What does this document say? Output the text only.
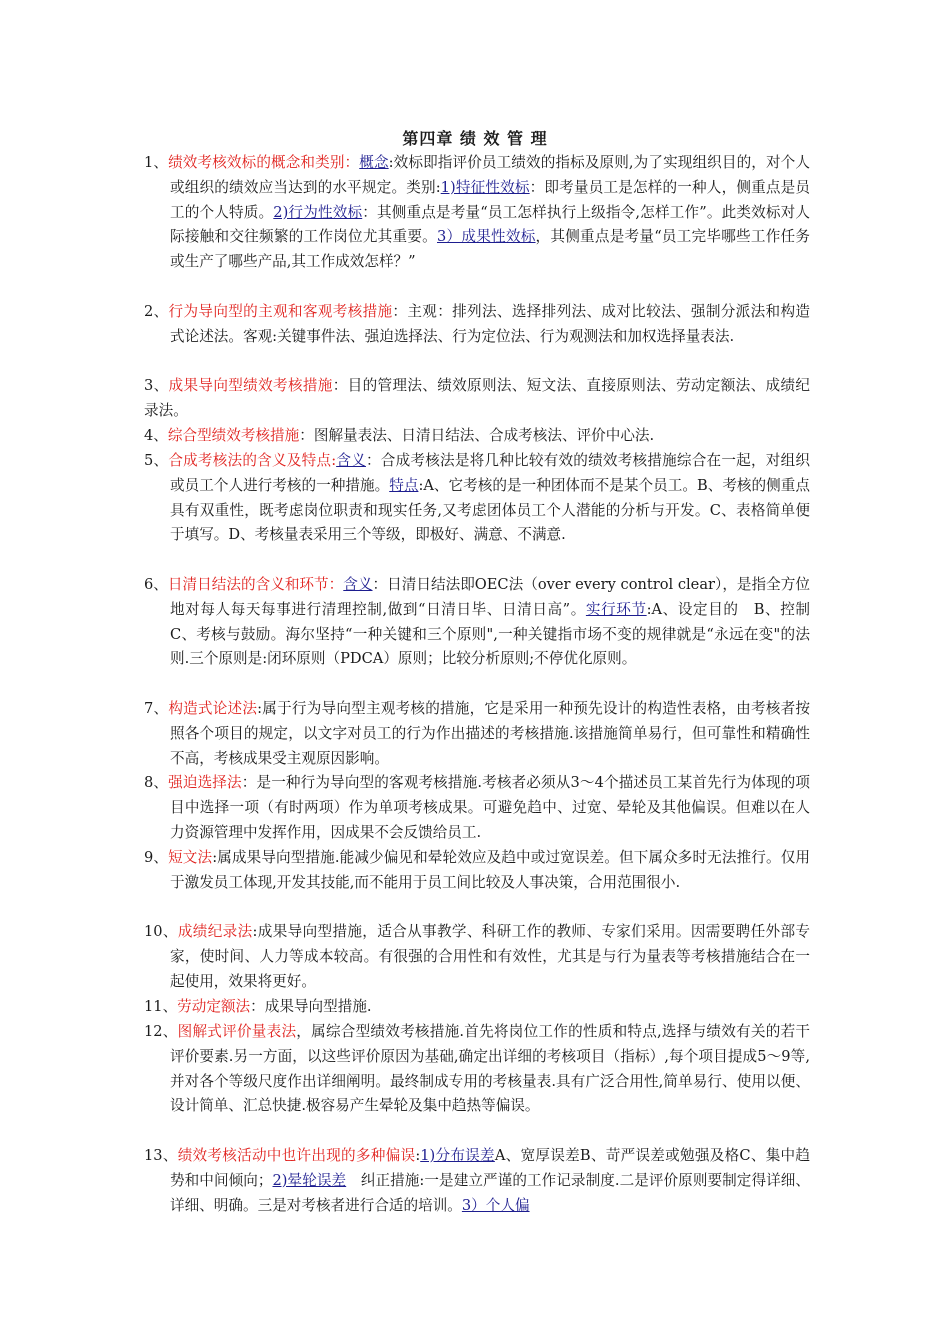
第四章 绩 效 管 理
1、绩效考核效标的概念和类别：概念:效标即指评价员工绩效的指标及原则,为了实现组织目的，对个人或组织的绩效应当达到的水平规定。类别:1)特征性效标：即考量员工是怎样的一种人，侧重点是员工的个人特质。2)行为性效标：其侧重点是考量“员工怎样执行上级指令,怎样工作”。此类效标对人际接触和交往频繁的工作岗位尤其重要。3）成果性效标，其侧重点是考量“员工完毕哪些工作任务或生产了哪些产品,其工作成效怎样？”
2、行为导向型的主观和客观考核措施：主观：排列法、选择排列法、成对比较法、强制分派法和构造式论述法。客观:关键事件法、强迫选择法、行为定位法、行为观测法和加权选择量表法.
3、成果导向型绩效考核措施：目的管理法、绩效原则法、短文法、直接原则法、劳动定额法、成绩纪录法。
4、综合型绩效考核措施：图解量表法、日清日结法、合成考核法、评价中心法.
5、合成考核法的含义及特点:含义：合成考核法是将几种比较有效的绩效考核措施综合在一起，对组织或员工个人进行考核的一种措施。特点:A、它考核的是一种团体而不是某个员工。B、考核的侧重点具有双重性，既考虑岗位职责和现实任务,又考虑团体员工个人潜能的分析与开发。C、表格简单便于填写。D、考核量表采用三个等级，即极好、满意、不满意.
6、日清日结法的含义和环节：含义：日清日结法即OEC法（over every control clear），是指全方位地对每人每天每事进行清理控制,做到“日清日毕、日清日高”。实行环节:A、设定目的　B、控制　C、考核与鼓励。海尔坚持“一种关键和三个原则",一种关键指市场不变的规律就是“永远在变"的法则.三个原则是:闭环原则（PDCA）原则；比较分析原则;不停优化原则。
7、构造式论述法:属于行为导向型主观考核的措施，它是采用一种预先设计的构造性表格，由考核者按照各个项目的规定，以文字对员工的行为作出描述的考核措施.该措施简单易行，但可靠性和精确性不高，考核成果受主观原因影响。
8、强迫选择法：是一种行为导向型的客观考核措施.考核者必须从3～4个描述员工某首先行为体现的项目中选择一项（有时两项）作为单项考核成果。可避免趋中、过宽、晕轮及其他偏误。但难以在人力资源管理中发挥作用，因成果不会反馈给员工.
9、短文法:属成果导向型措施.能减少偏见和晕轮效应及趋中或过宽误差。但下属众多时无法推行。仅用于激发员工体现,开发其技能,而不能用于员工间比较及人事决策，合用范围很小.
10、成绩纪录法:成果导向型措施，适合从事教学、科研工作的教师、专家们采用。因需要聘任外部专家，使时间、人力等成本较高。有很强的合用性和有效性，尤其是与行为量表等考核措施结合在一起使用，效果将更好。
11、劳动定额法：成果导向型措施.
12、图解式评价量表法，属综合型绩效考核措施.首先将岗位工作的性质和特点,选择与绩效有关的若干评价要素.另一方面，以这些评价原因为基础,确定出详细的考核项目（指标）,每个项目提成5～9等,并对各个等级尺度作出详细阐明。最终制成专用的考核量表.具有广泛合用性,简单易行、使用以便、设计简单、汇总快捷.极容易产生晕轮及集中趋热等偏误。
13、绩效考核活动中也许出现的多种偏误:1)分布误差A、宽厚误差B、苛严误差或勉强及格C、集中趋势和中间倾向；2)晕轮误差　纠正措施:一是建立严谨的工作记录制度.二是评价原则要制定得详细、详细、明确。三是对考核者进行合适的培训。3）个人偏
